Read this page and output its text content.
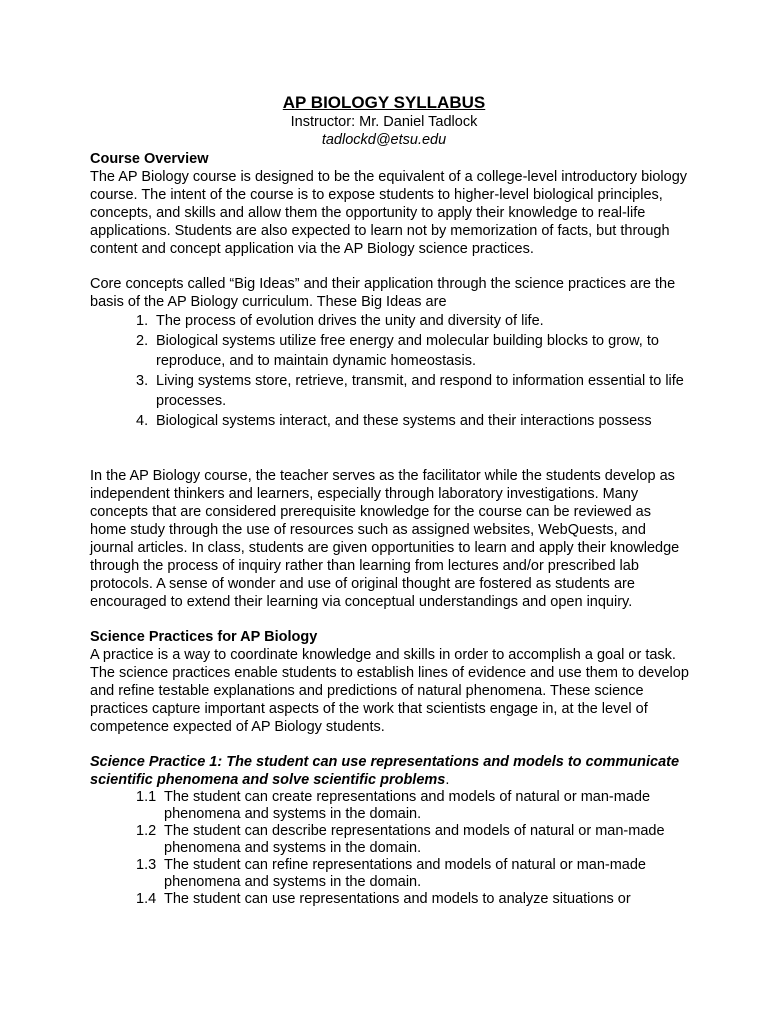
AP BIOLOGY SYLLABUS
Instructor: Mr. Daniel Tadlock
tadlockd@etsu.edu

Course Overview

The AP Biology course is designed to be the equivalent of a college-level introductory biology course. The intent of the course is to expose students to higher-level biological principles, concepts, and skills and allow them the opportunity to apply their knowledge to real-life applications. Students are also expected to learn not by memorization of facts, but through content and concept application via the AP Biology science practices.

Core concepts called “Big Ideas” and their application through the science practices are the basis of the AP Biology curriculum. These Big Ideas are

1. The process of evolution drives the unity and diversity of life.
2. Biological systems utilize free energy and molecular building blocks to grow, to reproduce, and to maintain dynamic homeostasis.
3. Living systems store, retrieve, transmit, and respond to information essential to life processes.
4. Biological systems interact, and these systems and their interactions possess

In the AP Biology course, the teacher serves as the facilitator while the students develop as independent thinkers and learners, especially through laboratory investigations. Many concepts that are considered prerequisite knowledge for the course can be reviewed as home study through the use of resources such as assigned websites, WebQuests, and journal articles. In class, students are given opportunities to learn and apply their knowledge through the process of inquiry rather than learning from lectures and/or prescribed lab protocols. A sense of wonder and use of original thought are fostered as students are encouraged to extend their learning via conceptual understandings and open inquiry.

Science Practices for AP Biology

A practice is a way to coordinate knowledge and skills in order to accomplish a goal or task. The science practices enable students to establish lines of evidence and use them to develop and refine testable explanations and predictions of natural phenomena. These science practices capture important aspects of the work that scientists engage in, at the level of competence expected of AP Biology students.

Science Practice 1: The student can use representations and models to communicate scientific phenomena and solve scientific problems.

1.1 The student can create representations and models of natural or man-made phenomena and systems in the domain.
1.2 The student can describe representations and models of natural or man-made phenomena and systems in the domain.
1.3 The student can refine representations and models of natural or man-made phenomena and systems in the domain.
1.4 The student can use representations and models to analyze situations or
